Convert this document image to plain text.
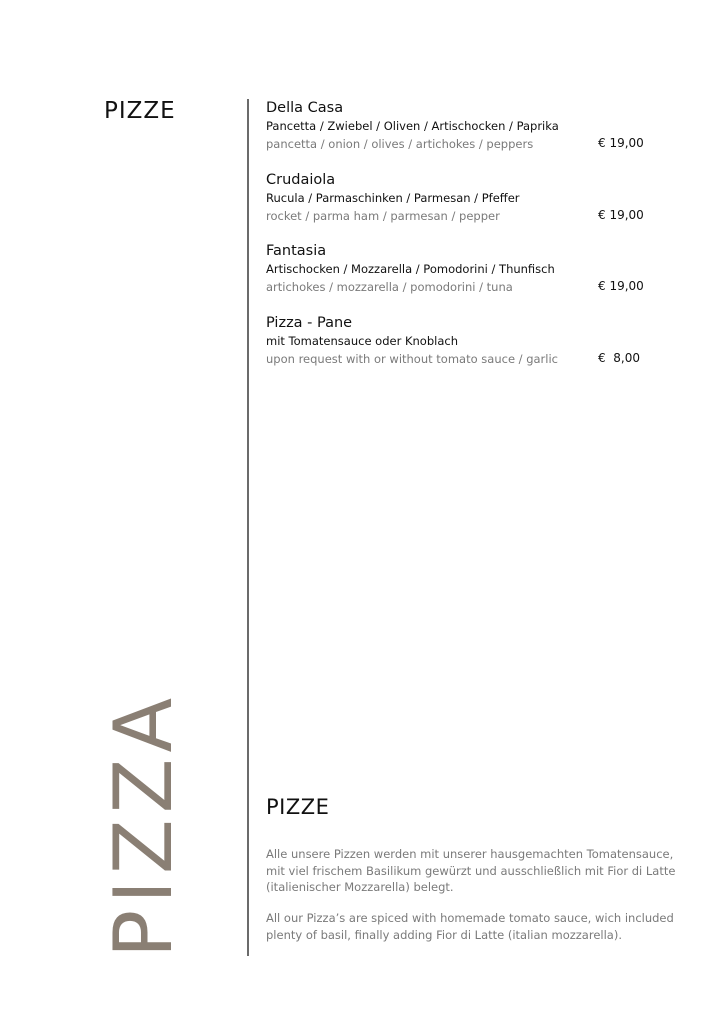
PIZZE
PIZZA
Della Casa
Pancetta / Zwiebel / Oliven / Artischocken / Paprika
pancetta / onion / olives / artichokes / peppers	€ 19,00
Crudaiola
Rucula / Parmaschinken / Parmesan / Pfeffer
rocket / parma ham / parmesan / pepper	€ 19,00
Fantasia
Artischocken / Mozzarella / Pomodorini / Thunfisch
artichokes / mozzarella / pomodorini / tuna	€ 19,00
Pizza - Pane
mit Tomatensauce oder Knoblach
upon request with or without tomato sauce / garlic	€  8,00
PIZZE

Alle unsere Pizzen werden mit unserer hausgemachten Tomatensauce, mit viel frischem Basilikum gewürzt und ausschließlich mit Fior di Latte (italienischer Mozzarella) belegt.

All our Pizza’s are spiced with homemade tomato sauce, wich included plenty of basil, finally adding Fior di Latte (italian mozzarella).
